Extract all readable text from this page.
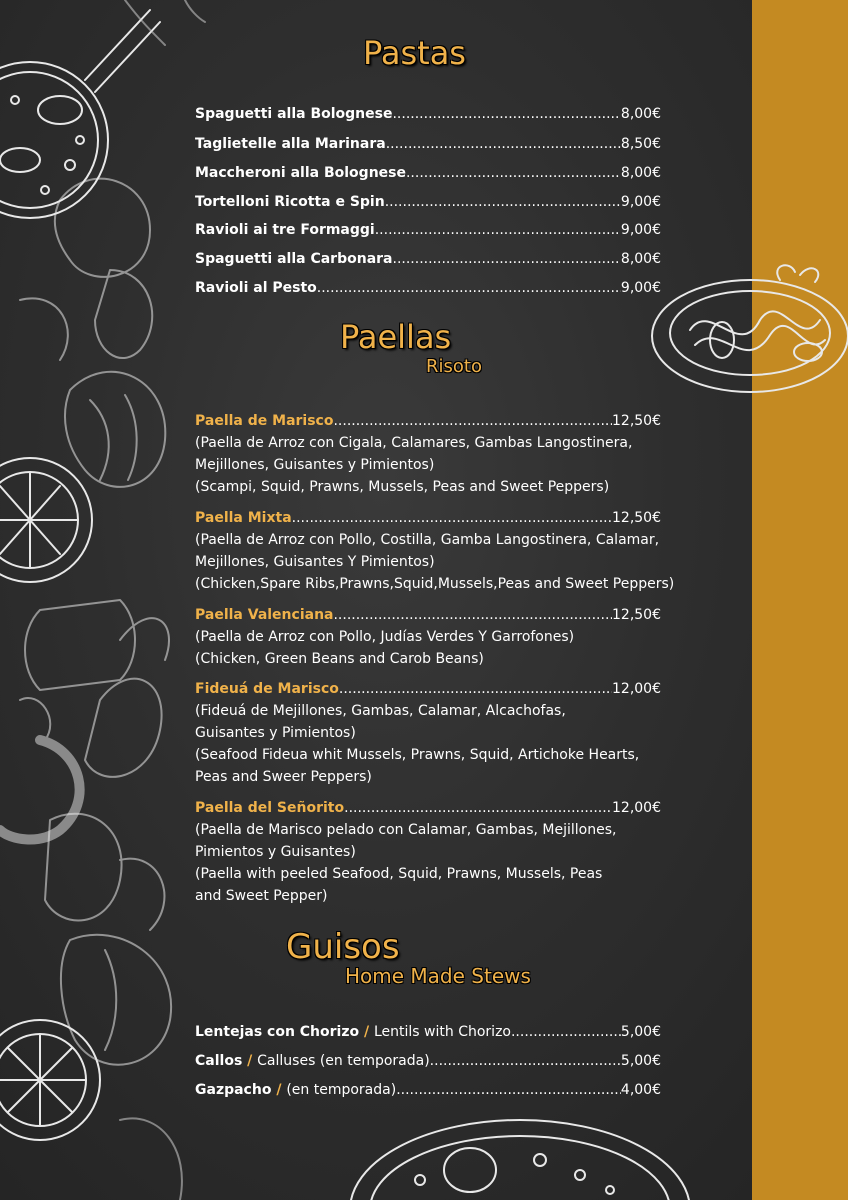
Pastas
Spaguetti alla Bolognese .....	8,00€
Taglietelle alla Marinara .....	8,50€
Maccheroni alla Bolognese .....	8,00€
Tortelloni Ricotta e Spin .....	9,00€
Ravioli ai tre Formaggi .....	9,00€
Spaguetti alla Carbonara .....	8,00€
Ravioli al Pesto .....	9,00€
Paellas
Risoto
Paella de Marisco .....	12,50€
(Paella de Arroz con Cigala, Calamares, Gambas Langostinera,
Mejillones, Guisantes y Pimientos)
(Scampi, Squid, Prawns, Mussels, Peas and Sweet Peppers)
Paella Mixta .....	12,50€
(Paella de Arroz con Pollo, Costilla, Gamba Langostinera, Calamar,
Mejillones, Guisantes Y Pimientos)
(Chicken,Spare Ribs,Prawns,Squid,Mussels,Peas and Sweet Peppers)
Paella Valenciana .....	12,50€
(Paella de Arroz con Pollo, Judías Verdes Y Garrofones)
(Chicken, Green Beans and Carob Beans)
Fideuá de Marisco .....	12,00€
(Fideuá de Mejillones, Gambas, Calamar, Alcachofas,
Guisantes y Pimientos)
(Seafood Fideua whit Mussels, Prawns, Squid, Artichoke Hearts,
Peas and Sweer Peppers)
Paella del Señorito .....	12,00€
(Paella de Marisco pelado con Calamar, Gambas, Mejillones,
Pimientos y Guisantes)
(Paella with peeled Seafood, Squid, Prawns, Mussels, Peas
and Sweet Pepper)
Guisos
Home Made Stews
Lentejas con Chorizo / Lentils with Chorizo .....	5,00€
Callos / Calluses (en temporada) .....	5,00€
Gazpacho / (en temporada) .....	4,00€
